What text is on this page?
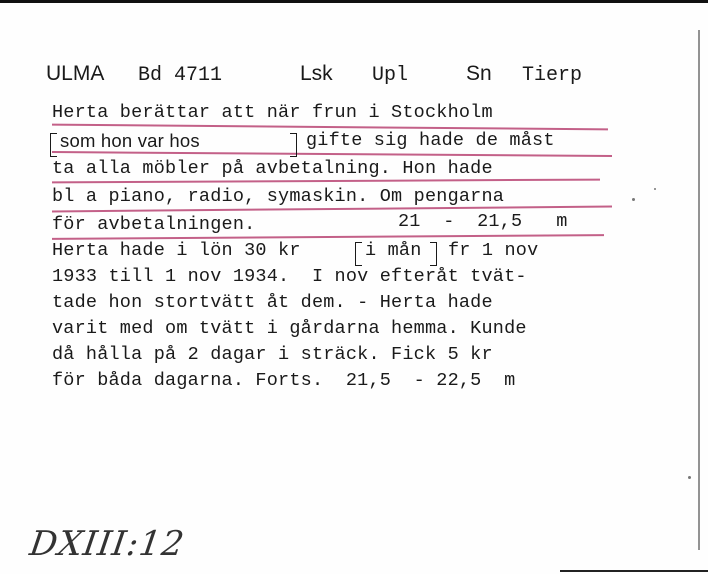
ULMA Bd 4711	Lsk Upl	Sn Tierp
Herta berättar att när frun i Stockholm
som hon var hos	gifte sig hade de måst
ta alla möbler på avbetalning. Hon hade
bl a piano, radio, symaskin. Om pengarna
för avbetalningen.	21  -  21,5   m
Herta hade i lön 30 kr	i mån fr 1 nov
1933 till 1 nov 1934.  I nov efteråt tvät-
tade hon stortvätt åt dem. - Herta hade
varit med om tvätt i gårdarna hemma. Kunde
då hålla på 2 dagar i sträck. Fick 5 kr
för båda dagarna. Forts.  21,5  - 22,5  m
DXIII:12
